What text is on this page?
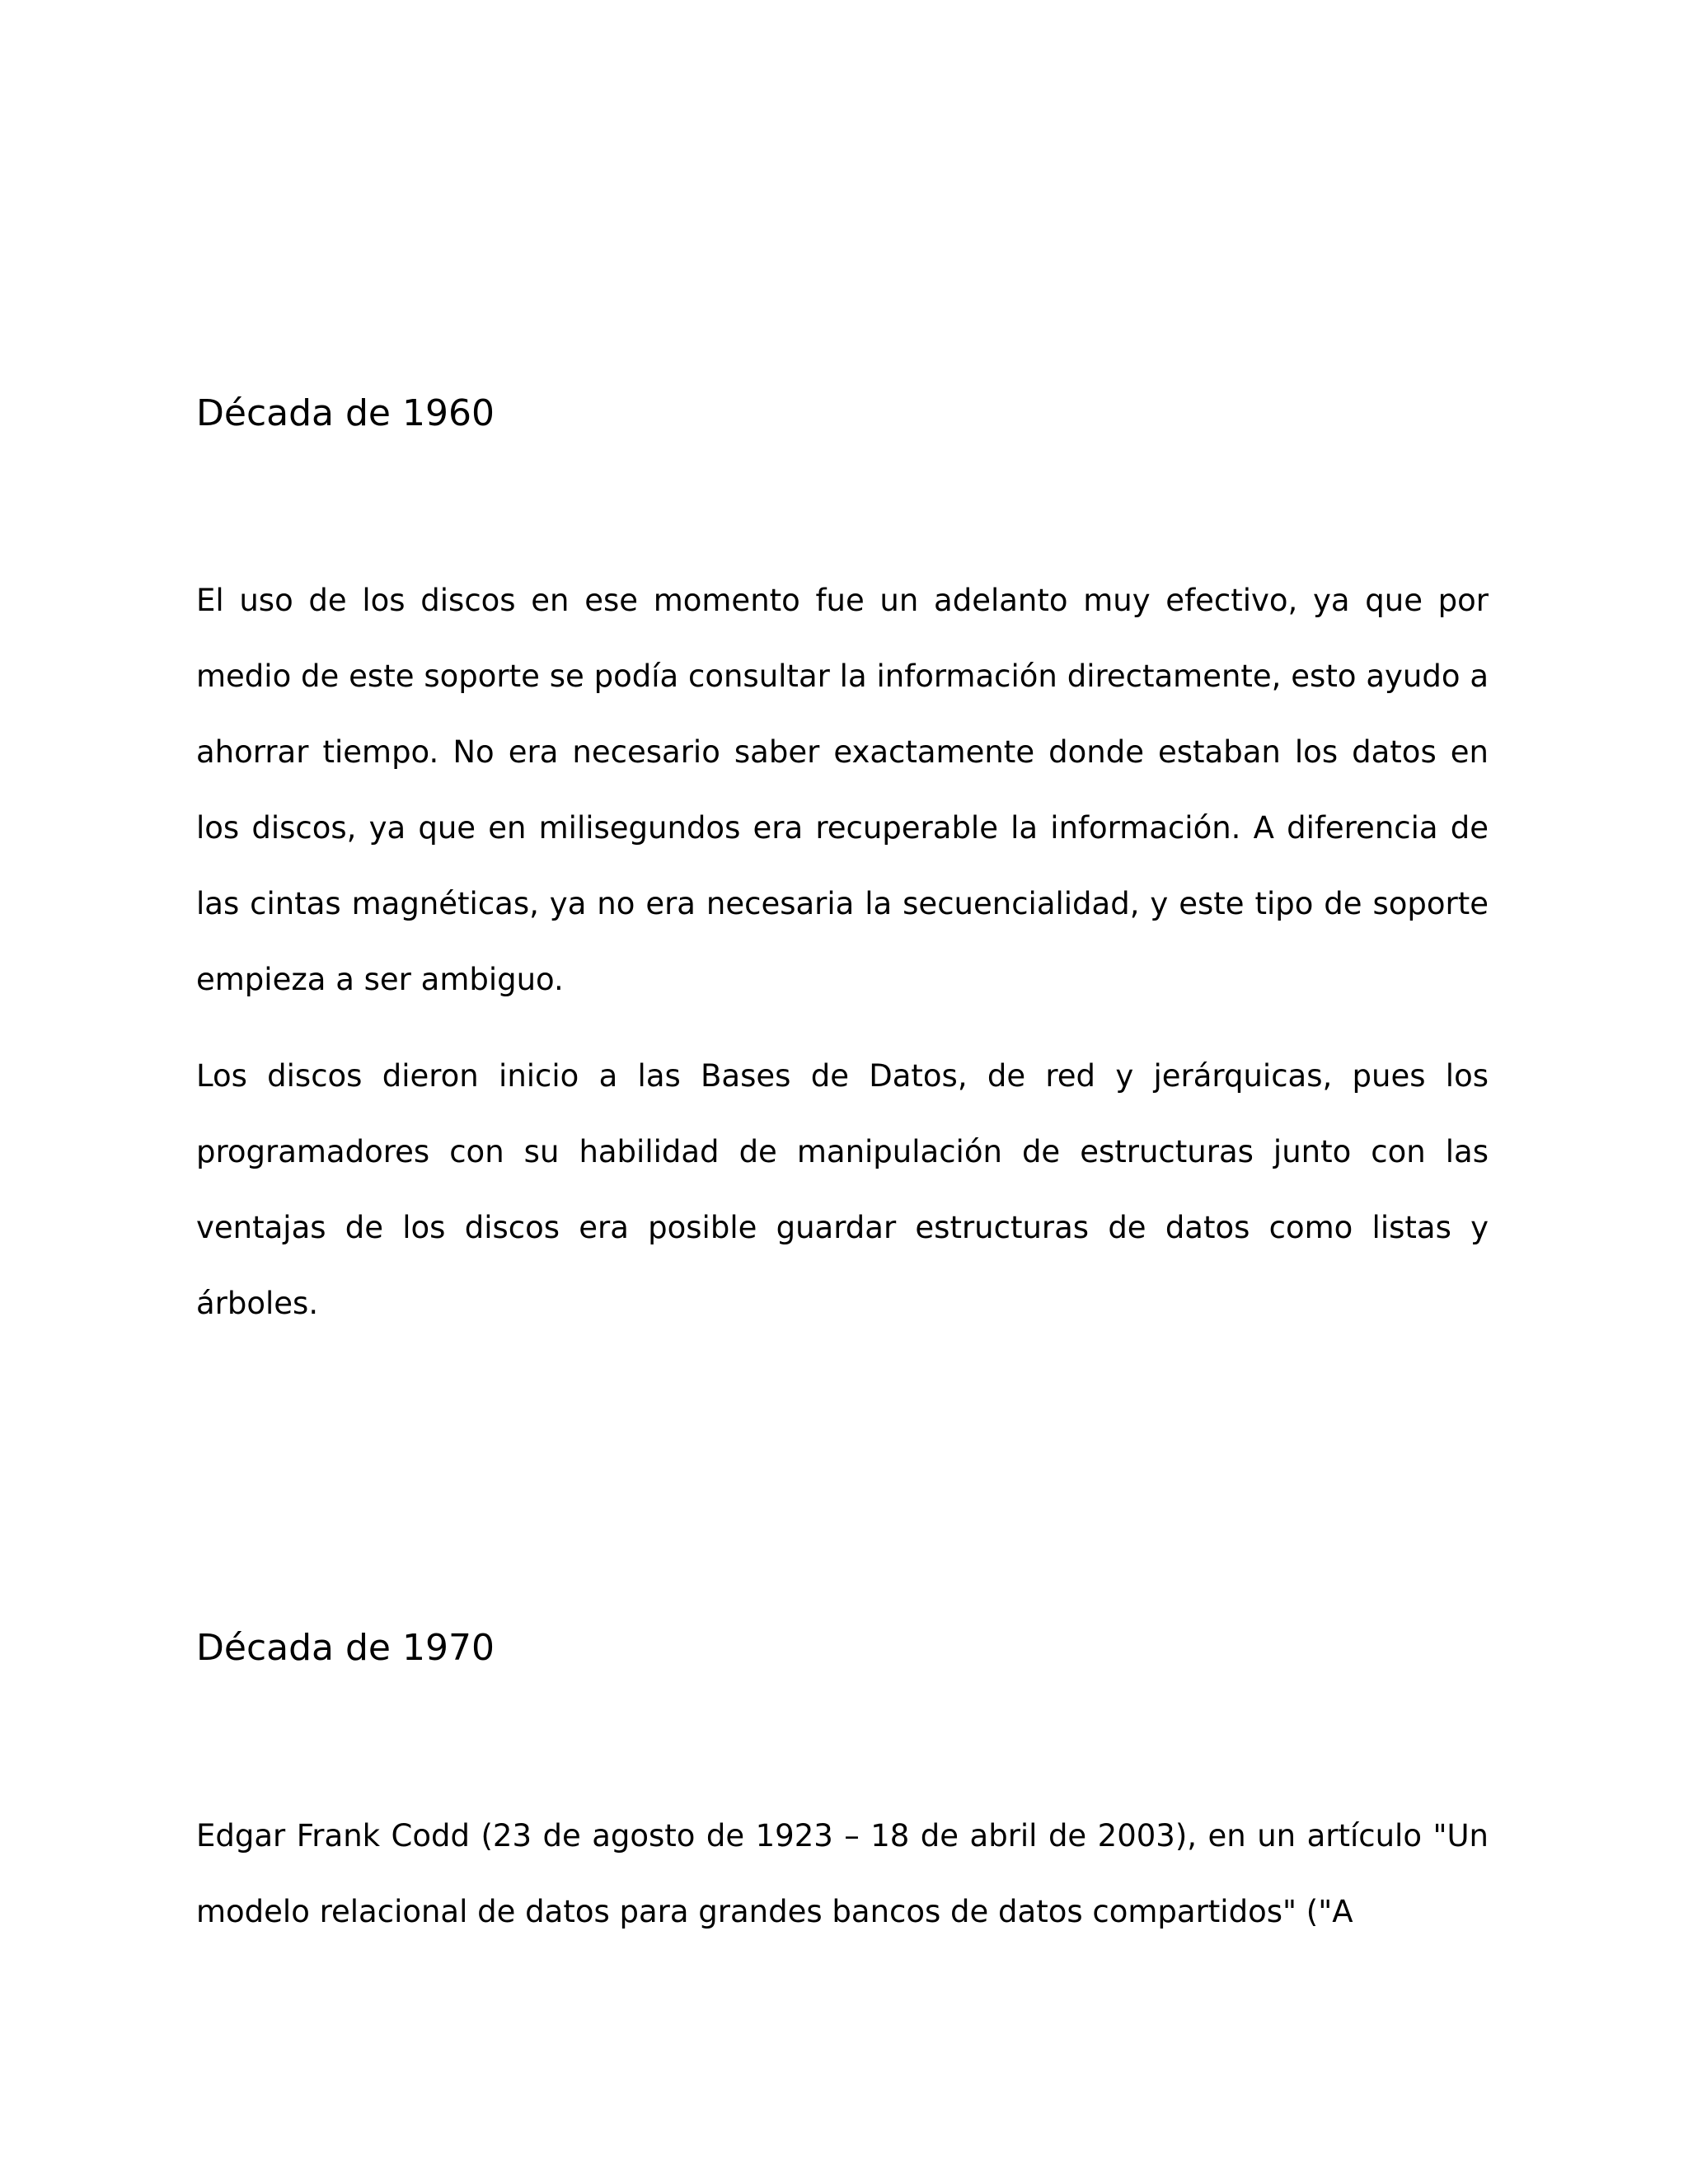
Década de 1960

El uso de los discos en ese momento fue un adelanto muy efectivo, ya que por medio de este soporte se podía consultar la información directamente, esto ayudo a ahorrar tiempo. No era necesario saber exactamente donde estaban los datos en los discos, ya que en milisegundos era recuperable la información. A diferencia de las cintas magnéticas, ya no era necesaria la secuencialidad, y este tipo de soporte empieza a ser ambiguo.

Los discos dieron inicio a las Bases de Datos, de red y jerárquicas, pues los programadores con su habilidad de manipulación de estructuras junto con las ventajas de los discos era posible guardar estructuras de datos como listas y árboles.

Década de 1970

Edgar Frank Codd (23 de agosto de 1923 – 18 de abril de 2003), en un artículo "Un modelo relacional de datos para grandes bancos de datos compartidos" ("A
